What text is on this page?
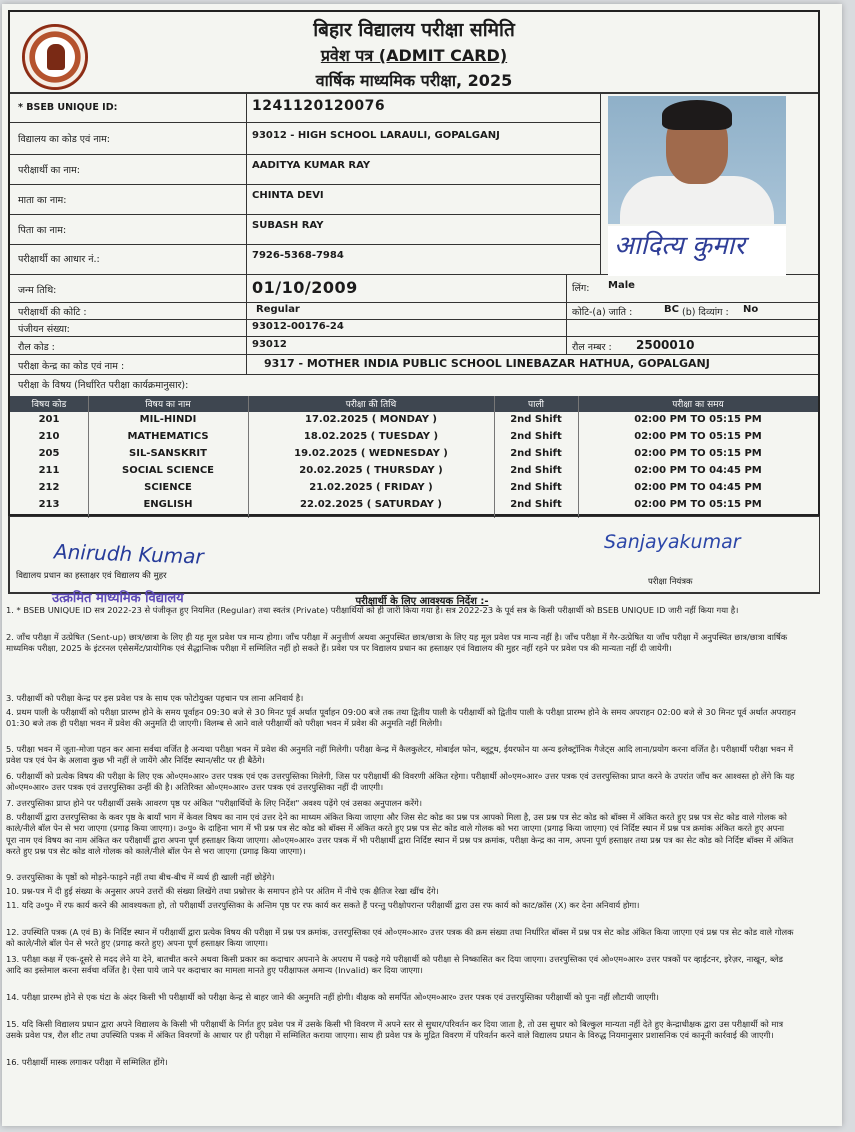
बिहार विद्यालय परीक्षा समिति
प्रवेश पत्र (ADMIT CARD)
वार्षिक माध्यमिक परीक्षा, 2025
* BSEB UNIQUE ID:	1241120120076
विद्यालय का कोड एवं नाम:	93012 - HIGH SCHOOL LARAULI, GOPALGANJ
परीक्षार्थी का नाम:	AADITYA KUMAR RAY
माता का नाम:	CHINTA DEVI
पिता का नाम:	SUBASH RAY
परीक्षार्थी का आधार नं.:	7926-5368-7984	आदित्य कुमार
जन्म तिथि:	01/10/2009	लिंग: Male
परीक्षार्थी की कोटि :	Regular	कोटि-(a) जाति :	BC (b) दिव्यांग : No
पंजीयन संख्या:	93012-00176-24
रौल कोड :	93012	रौल नम्बर : 2500010
परीक्षा केन्द्र का कोड एवं नाम :	9317 - MOTHER INDIA PUBLIC SCHOOL LINEBAZAR HATHUA, GOPALGANJ
परीक्षा के विषय (निर्धारित परीक्षा कार्यक्रमानुसार):
विषय कोड	विषय का नाम	परीक्षा की तिथि	पाली	परीक्षा का समय
201	MIL-HINDI	17.02.2025 ( MONDAY )	2nd Shift	02:00 PM TO 05:15 PM
210	MATHEMATICS	18.02.2025 ( TUESDAY )	2nd Shift	02:00 PM TO 05:15 PM
205	SIL-SANSKRIT	19.02.2025 ( WEDNESDAY )	2nd Shift	02:00 PM TO 05:15 PM
211	SOCIAL SCIENCE	20.02.2025 ( THURSDAY )	2nd Shift	02:00 PM TO 04:45 PM
212	SCIENCE	21.02.2025 ( FRIDAY )	2nd Shift	02:00 PM TO 04:45 PM
213	ENGLISH	22.02.2025 ( SATURDAY )	2nd Shift	02:00 PM TO 05:15 PM
Anirudh Kumar
विद्यालय प्रधान का हस्ताक्षर एवं विद्यालय की मुहर
उत्क्रमित माध्यमिक विद्यालय
Sanjayakumar
परीक्षा नियंत्रक
परीक्षार्थी के लिए आवश्यक निर्देश :-
1. * BSEB UNIQUE ID सत्र 2022-23 से पंजीकृत हुए नियमित (Regular) तथा स्वतंत्र (Private) परीक्षार्थियों को ही जारी किया गया है। सत्र 2022-23 के पूर्व सत्र के किसी परीक्षार्थी को BSEB UNIQUE ID जारी नहीं किया गया है।
2. जाँच परीक्षा में उत्प्रेषित (Sent-up) छात्र/छात्रा के लिए ही यह मूल प्रवेश पत्र मान्य होगा। जाँच परीक्षा में अनुत्तीर्ण अथवा अनुपस्थित छात्र/छात्रा के लिए यह मूल प्रवेश पत्र मान्य नहीं है। जाँच परीक्षा में गैर-उत्प्रेषित या जाँच परीक्षा में अनुपस्थित छात्र/छात्रा वार्षिक माध्यमिक परीक्षा, 2025 के इंटरनल एसेसमेंट/प्रायोगिक एवं सैद्धान्तिक परीक्षा में सम्मिलित नहीं हो सकते हैं। प्रवेश पत्र पर विद्यालय प्रधान का हस्ताक्षर एवं विद्यालय की मुहर नहीं रहने पर प्रवेश पत्र की मान्यता नहीं दी जायेगी।
3. परीक्षार्थी को परीक्षा केन्द्र पर इस प्रवेश पत्र के साथ एक फोटोयुक्त पहचान पत्र लाना अनिवार्य है।
4. प्रथम पाली के परीक्षार्थी को परीक्षा प्रारम्भ होने के समय पूर्वाहन 09:30 बजे से 30 मिनट पूर्व अर्थात पूर्वाहन 09:00 बजे तक तथा द्वितीय पाली के परीक्षार्थी को द्वितीय पाली के परीक्षा प्रारम्भ होने के समय अपराहन 02:00 बजे से 30 मिनट पूर्व अर्थात अपराहन 01:30 बजे तक ही परीक्षा भवन में प्रवेश की अनुमति दी जाएगी। विलम्ब से आने वाले परीक्षार्थी को परीक्षा भवन में प्रवेश की अनुमति नहीं मिलेगी।
5. परीक्षा भवन में जूता-मोजा पहन कर आना सर्वथा वर्जित है अन्यथा परीक्षा भवन में प्रवेश की अनुमति नहीं मिलेगी। परीक्षा केन्द्र में कैलकुलेटर, मोबाईल फोन, ब्लूटूथ, ईयरफोन या अन्य इलेक्ट्रॉनिक गैजेट्स आदि लाना/प्रयोग करना वर्जित है। परीक्षार्थी परीक्षा भवन में प्रवेश पत्र एवं पेन के अलावा कुछ भी नहीं ले जायेंगे और निर्दिष्ट स्थान/सीट पर ही बैठेंगे।
6. परीक्षार्थी को प्रत्येक विषय की परीक्षा के लिए एक ओ०एम०आर० उत्तर पत्रक एवं एक उत्तरपुस्तिका मिलेगी, जिस पर परीक्षार्थी की विवरणी अंकित रहेगा। परीक्षार्थी ओ०एम०आर० उत्तर पत्रक एवं उत्तरपुस्तिका प्राप्त करने के उपरांत जाँच कर आश्वस्त हो लेंगे कि यह ओ०एम०आर० उत्तर पत्रक एवं उत्तरपुस्तिका उन्हीं की है। अतिरिक्त ओ०एम०आर० उत्तर पत्रक एवं उत्तरपुस्तिका नहीं दी जाएगी।
7. उत्तरपुस्तिका प्राप्त होने पर परीक्षार्थी उसके आवरण पृष्ठ पर अंकित "परीक्षार्थियों के लिए निर्देश" अवश्य पढ़ेंगे एवं उसका अनुपालन करेंगे।
8. परीक्षार्थी द्वारा उत्तरपुस्तिका के कवर पृष्ठ के बायाँ भाग में केवल विषय का नाम एवं उत्तर देने का माध्यम अंकित किया जाएगा और जिस सेट कोड का प्रश्न पत्र आपको मिला है, उस प्रश्न पत्र सेट कोड को बॉक्स में अंकित करते हुए प्रश्न पत्र सेट कोड वाले गोलक को काले/नीले बॉल पेन से भरा जाएगा (प्रगाढ़ किया जाएगा)। उ०पु० के दाहिना भाग में भी प्रश्न पत्र सेट कोड को बॉक्स में अंकित करते हुए प्रश्न पत्र सेट कोड वाले गोलक को भरा जाएगा (प्रगाढ़ किया जाएगा) एवं निर्दिष्ट स्थान में प्रश्न पत्र क्रमांक अंकित करते हुए अपना पूरा नाम एवं विषय का नाम अंकित कर परीक्षार्थी द्वारा अपना पूर्ण हस्ताक्षर किया जाएगा। ओ०एम०आर० उत्तर पत्रक में भी परीक्षार्थी द्वारा निर्दिष्ट स्थान में प्रश्न पत्र क्रमांक, परीक्षा केन्द्र का नाम, अपना पूर्ण हस्ताक्षर तथा प्रश्न पत्र का सेट कोड को निर्दिष्ट बॉक्स में अंकित करते हुए प्रश्न पत्र सेट कोड वाले गोलक को काले/नीले बॉल पेन से भरा जाएगा (प्रगाढ़ किया जाएगा)।
9. उत्तरपुस्तिका के पृष्ठों को मोड़ने-फाड़ने नहीं तथा बीच-बीच में व्यर्थ ही खाली नहीं छोड़ेंगे।
10. प्रश्न-पत्र में दी हुई संख्या के अनुसार अपने उत्तरों की संख्या लिखेंगे तथा प्रश्नोत्तर के समापन होने पर अंतिम में नीचे एक क्षैतिज रेखा खींच देंगे।
11. यदि उ०पु० में रफ कार्य करने की आवश्यकता हो, तो परीक्षार्थी उत्तरपुस्तिका के अन्तिम पृष्ठ पर रफ कार्य कर सकते हैं परन्तु परीक्षोपरान्त परीक्षार्थी द्वारा उस रफ कार्य को काट/क्रॉस (X) कर देना अनिवार्य होगा।
12. उपस्थिति पत्रक (A एवं B) के निर्दिष्ट स्थान में परीक्षार्थी द्वारा प्रत्येक विषय की परीक्षा में प्रश्न पत्र क्रमांक, उत्तरपुस्तिका एवं ओ०एम०आर० उत्तर पत्रक की क्रम संख्या तथा निर्धारित बॉक्स में प्रश्न पत्र सेट कोड अंकित किया जाएगा एवं प्रश्न पत्र सेट कोड वाले गोलक को काले/नीले बॉल पेन से भरते हुए (प्रगाढ़ करते हुए) अपना पूर्ण हस्ताक्षर किया जाएगा।
13. परीक्षा कक्ष में एक-दूसरे से मदद लेने या देने, बातचीत करने अथवा किसी प्रकार का कदाचार अपनाने के अपराध में पकड़े गये परीक्षार्थी को परीक्षा से निष्कासित कर दिया जाएगा। उत्तरपुस्तिका एवं ओ०एम०आर० उत्तर पत्रकों पर व्हाईटनर, इरेज़र, नाखून, ब्लेड आदि का इस्तेमाल करना सर्वथा वर्जित है। ऐसा पाये जाने पर कदाचार का मामला मानते हुए परीक्षाफल अमान्य (Invalid) कर दिया जाएगा।
14. परीक्षा प्रारम्भ होने से एक घंटा के अंदर किसी भी परीक्षार्थी को परीक्षा केन्द्र से बाहर जाने की अनुमति नहीं होगी। वीक्षक को समर्पित ओ०एम०आर० उत्तर पत्रक एवं उत्तरपुस्तिका परीक्षार्थी को पुनः नहीं लौटायी जाएगी।
15. यदि किसी विद्यालय प्रधान द्वारा अपने विद्यालय के किसी भी परीक्षार्थी के निर्गत हुए प्रवेश पत्र में उसके किसी भी विवरण में अपने स्तर से सुधार/परिवर्तन कर दिया जाता है, तो उस सुधार को बिल्कुल मान्यता नहीं देते हुए केन्द्राधीक्षक द्वारा उस परीक्षार्थी को मात्र उसके प्रवेश पत्र, रौल शीट तथा उपस्थिति पत्रक में अंकित विवरणों के आधार पर ही परीक्षा में सम्मिलित कराया जाएगा। साथ ही प्रवेश पत्र के मुद्रित विवरण में परिवर्तन करने वाले विद्यालय प्रधान के विरुद्ध नियमानुसार प्रशासनिक एवं कानूनी कार्रवाई की जाएगी।
16. परीक्षार्थी मास्क लगाकर परीक्षा में सम्मिलित होंगे।
